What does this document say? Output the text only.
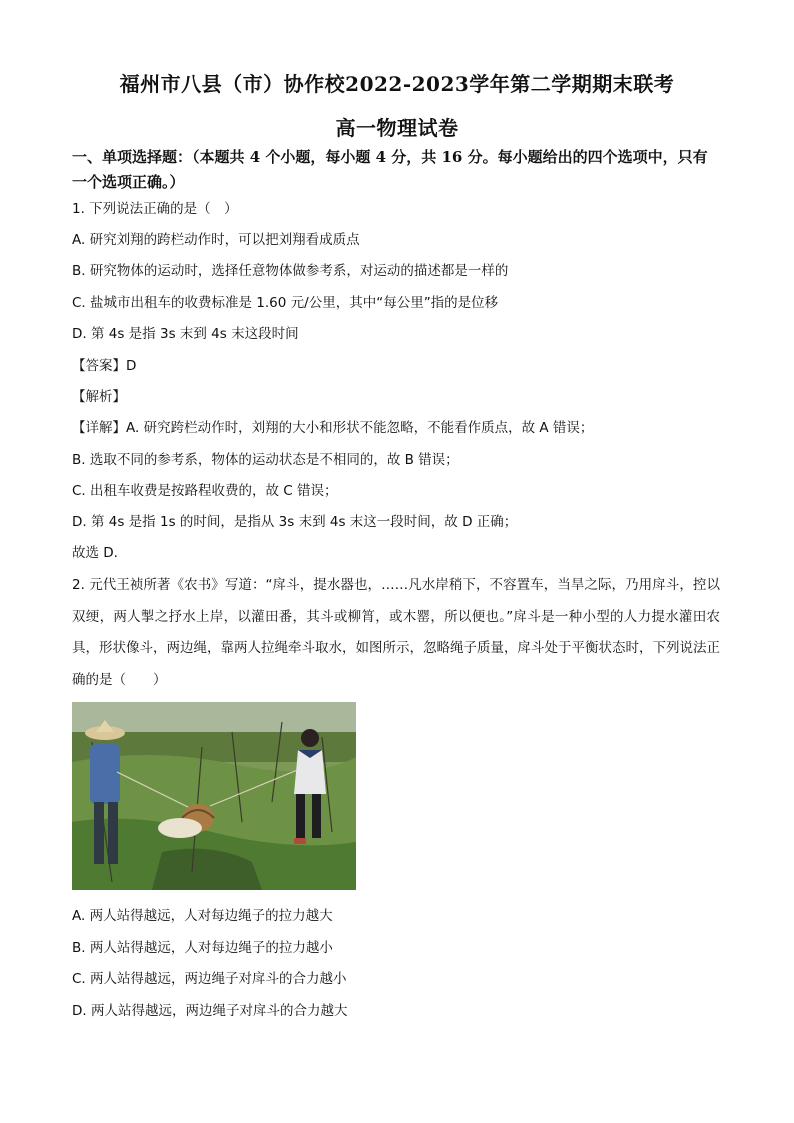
福州市八县（市）协作校2022-2023学年第二学期期末联考
高一物理试卷
一、单项选择题：（本题共 4 个小题，每小题 4 分，共 16 分。每小题给出的四个选项中，只有一个选项正确。）
1. 下列说法正确的是（　）
A. 研究刘翔的跨栏动作时，可以把刘翔看成质点
B. 研究物体的运动时，选择任意物体做参考系，对运动的描述都是一样的
C. 盐城市出租车的收费标准是 1.60 元/公里，其中“每公里”指的是位移
D. 第 4s 是指 3s 末到 4s 末这段时间
【答案】D
【解析】
【详解】A. 研究跨栏动作时，刘翔的大小和形状不能忽略，不能看作质点，故 A 错误；
B. 选取不同的参考系，物体的运动状态是不相同的，故 B 错误；
C. 出租车收费是按路程收费的，故 C 错误；
D. 第 4s 是指 1s 的时间，是指从 3s 末到 4s 末这一段时间，故 D 正确；
故选 D.
2. 元代王祯所著《农书》写道：“戽斗，提水器也，……凡水岸稍下，不容置车，当旱之际，乃用戽斗，控以双绠，两人掣之抒水上岸，以灌田番，其斗或柳筲，或木罂，所以便也。”戽斗是一种小型的人力提水灌田农具，形状像斗，两边绳，靠两人拉绳牵斗取水，如图所示，忽略绳子质量，戽斗处于平衡状态时，下列说法正确的是（　　）
A. 两人站得越远，人对每边绳子的拉力越大
B. 两人站得越远，人对每边绳子的拉力越小
C. 两人站得越远，两边绳子对戽斗的合力越小
D. 两人站得越远，两边绳子对戽斗的合力越大
